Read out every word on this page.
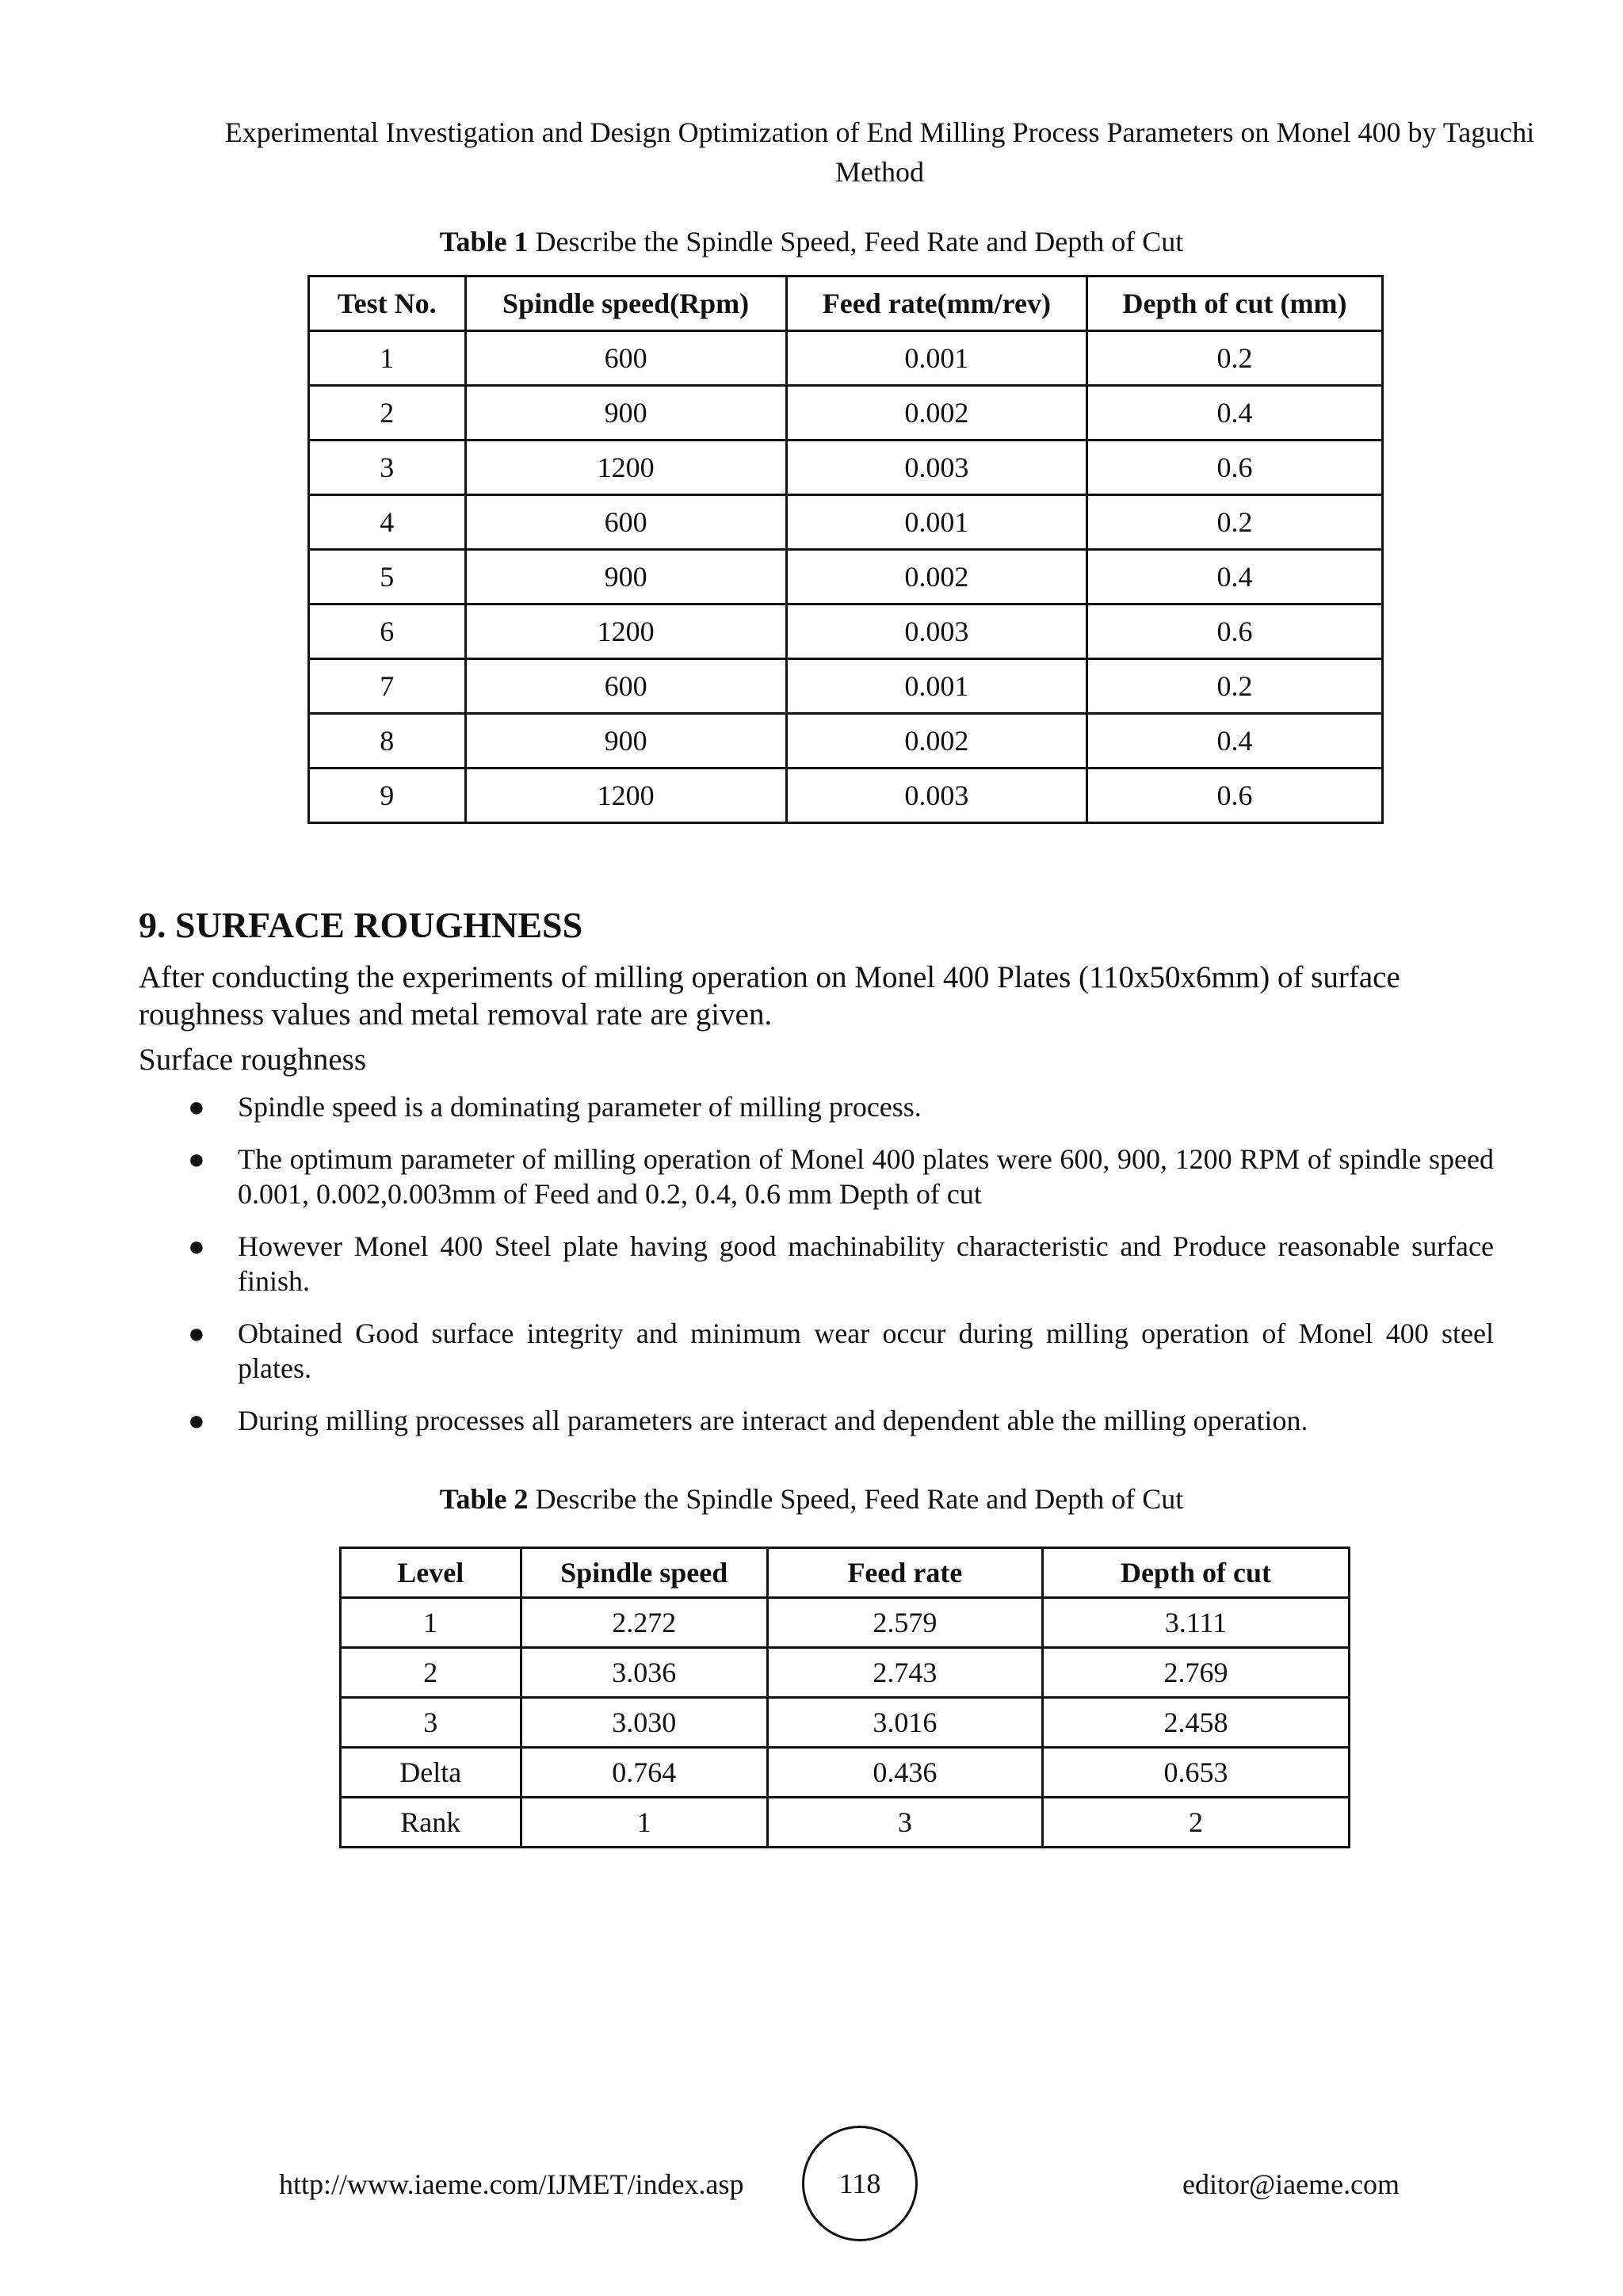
Experimental Investigation and Design Optimization of End Milling Process Parameters on Monel 400 by Taguchi Method
Table 1 Describe the Spindle Speed, Feed Rate and Depth of Cut
Test No.	Spindle speed(Rpm)	Feed rate(mm/rev)	Depth of cut (mm)
1	600	0.001	0.2
2	900	0.002	0.4
3	1200	0.003	0.6
4	600	0.001	0.2
5	900	0.002	0.4
6	1200	0.003	0.6
7	600	0.001	0.2
8	900	0.002	0.4
9	1200	0.003	0.6
9. SURFACE ROUGHNESS

After conducting the experiments of milling operation on Monel 400 Plates (110x50x6mm) of surface roughness values and metal removal rate are given.

Surface roughness

● Spindle speed is a dominating parameter of milling process.
● The optimum parameter of milling operation of Monel 400 plates were 600, 900, 1200 RPM of spindle speed 0.001, 0.002,0.003mm of Feed and 0.2, 0.4, 0.6 mm Depth of cut
● However Monel 400 Steel plate having good machinability characteristic and Produce reasonable surface finish.
● Obtained Good surface integrity and minimum wear occur during milling operation of Monel 400 steel plates.
● During milling processes all parameters are interact and dependent able the milling operation.
Table 2 Describe the Spindle Speed, Feed Rate and Depth of Cut
Level	Spindle speed	Feed rate	Depth of cut
1	2.272	2.579	3.111
2	3.036	2.743	2.769
3	3.030	3.016	2.458
Delta	0.764	0.436	0.653
Rank	1	3	2
http://www.iaeme.com/IJMET/index.asp	118	editor@iaeme.com
